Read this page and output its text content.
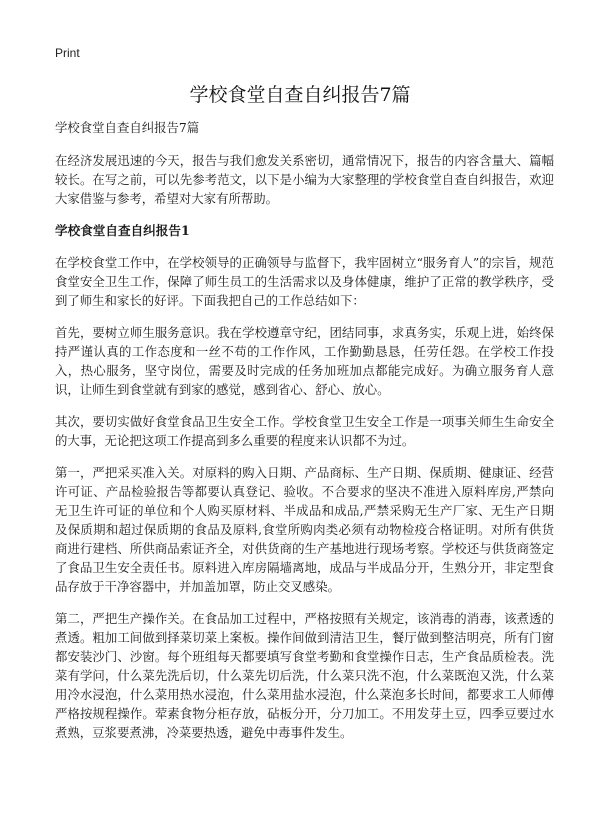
Print
学校食堂自查自纠报告7篇

学校食堂自查自纠报告7篇

在经济发展迅速的今天，报告与我们愈发关系密切，通常情况下，报告的内容含量大、篇幅较长。在写之前，可以先参考范文，以下是小编为大家整理的学校食堂自查自纠报告，欢迎大家借鉴与参考，希望对大家有所帮助。

学校食堂自查自纠报告1

在学校食堂工作中，在学校领导的正确领导与监督下，我牢固树立“服务育人”的宗旨，规范食堂安全卫生工作，保障了师生员工的生活需求以及身体健康，维护了正常的教学秩序，受到了师生和家长的好评。下面我把自己的工作总结如下：

首先，要树立师生服务意识。我在学校遵章守纪，团结同事，求真务实，乐观上进，始终保持严谨认真的工作态度和一丝不苟的工作作风，工作勤勤恳恳，任劳任怨。在学校工作投入，热心服务，坚守岗位，需要及时完成的任务加班加点都能完成好。为确立服务育人意识，让师生到食堂就有到家的感觉，感到省心、舒心、放心。

其次，要切实做好食堂食品卫生安全工作。学校食堂卫生安全工作是一项事关师生生命安全的大事，无论把这项工作提高到多么重要的程度来认识都不为过。

第一，严把采买准入关。对原料的购入日期、产品商标、生产日期、保质期、健康证、经营许可证、产品检验报告等都要认真登记、验收。不合要求的坚决不准进入原料库房,严禁向无卫生许可证的单位和个人购买原材料、半成品和成品,严禁采购无生产厂家、无生产日期及保质期和超过保质期的食品及原料,食堂所购肉类必须有动物检疫合格证明。对所有供货商进行建档、所供商品索证齐全，对供货商的生产基地进行现场考察。学校还与供货商签定了食品卫生安全责任书。原料进入库房隔墙离地，成品与半成品分开，生熟分开，非定型食品存放于干净容器中，并加盖加罩，防止交叉感染。

第二，严把生产操作关。在食品加工过程中，严格按照有关规定，该消毒的消毒，该煮透的煮透。粗加工间做到择菜切菜上案板。操作间做到清洁卫生，餐厅做到整洁明亮，所有门窗都安装沙门、沙窗。每个班组每天都要填写食堂考勤和食堂操作日志，生产食品质检表。洗菜有学问，什么菜先洗后切，什么菜先切后洗，什么菜只洗不泡，什么菜既泡又洗，什么菜用冷水浸泡，什么菜用热水浸泡，什么菜用盐水浸泡，什么菜泡多长时间，都要求工人师傅严格按规程操作。荤素食物分柜存放，砧板分开，分刀加工。不用发芽土豆，四季豆要过水煮熟，豆浆要煮沸，冷菜要热透，避免中毒事件发生。
